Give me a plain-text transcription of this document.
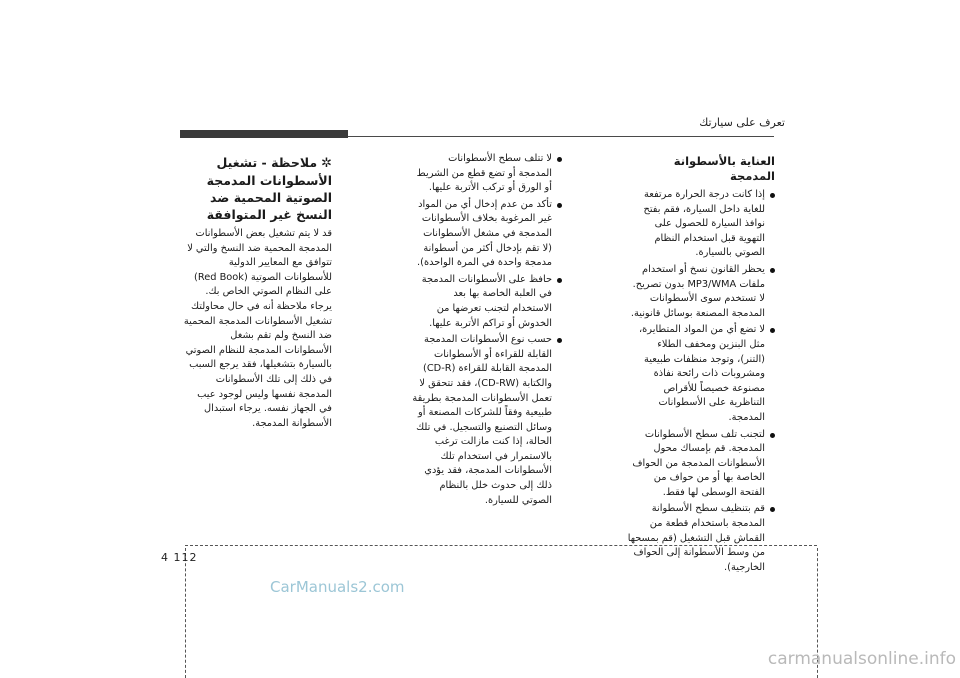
تعرف على سيارتك
العناية بالأسطوانة المدمجة
إذا كانت درجة الحرارة مرتفعة للغاية داخل السيارة، فقم بفتح نوافذ السيارة للحصول على التهوية قبل استخدام النظام الصوتي بالسيارة.
يحظر القانون نسخ أو استخدام ملفات MP3/WMA بدون تصريح. لا تستخدم سوى الأسطوانات المدمجة المصنعة بوسائل قانونية.
لا تضع أي من المواد المتطايرة، مثل البنزين ومخفف الطلاء (التنر)، وتوجد منظفات طبيعية ومشروبات ذات رائحة نفاذة مصنوعة خصيصاً للأقراص التناظرية على الأسطوانات المدمجة.
لتجنب تلف سطح الأسطوانات المدمجة. قم بإمساك محول الأسطوانات المدمجة من الحواف الخاصة بها أو من حواف من الفتحة الوسطى لها فقط.
قم بتنظيف سطح الأسطوانة المدمجة باستخدام قطعة من القماش قبل التشغيل (قم بمسحها من وسط الأسطوانة إلى الحواف الخارجية).
لا تتلف سطح الأسطوانات المدمجة أو تضع قطع من الشريط أو الورق أو تركب الأتربة عليها.
تأكد من عدم إدخال أي من المواد غير المرغوبة بخلاف الأسطوانات المدمجة في مشغل الأسطوانات (لا تقم بإدخال أكثر من أسطوانة مدمجة واحدة في المرة الواحدة).
حافظ على الأسطوانات المدمجة في العلبة الخاصة بها بعد الاستخدام لتجنب تعرضها من الخدوش أو تراكم الأتربة عليها.
حسب نوع الأسطوانات المدمجة القابلة للقراءة أو الأسطوانات المدمجة القابلة للقراءة (CD-R) والكتابة (CD-RW)، فقد تتحقق لا تعمل الأسطوانات المدمجة بطريقة طبيعية وفقاً للشركات المصنعة أو وسائل التصنيع والتسجيل. في تلك الحالة، إذا كنت مازالت ترغب بالاستمرار في استخدام تلك الأسطوانات المدمجة، فقد يؤدي ذلك إلى حدوث خلل بالنظام الصوتي للسيارة.
✲ملاحظة - تشغيل الأسطوانات المدمجة الصوتية المحمية ضد النسخ غير المتوافقة

قد لا يتم تشغيل بعض الأسطوانات المدمجة المحمية ضد النسخ والتي لا تتوافق مع المعايير الدولية للأسطوانات الصوتية (Red Book) على النظام الصوتي الخاص بك. يرجاء ملاحظة أنه في حال محاولتك تشغيل الأسطوانات المدمجة المحمية ضد النسخ ولم تقم بشغل الأسطوانات المدمجة للنظام الصوتي بالسيارة بتشغيلها، فقد يرجع السبب في ذلك إلى تلك الأسطوانات المدمجة نفسها وليس لوجود عيب في الجهاز نفسه. يرجاء استبدال الأسطوانة المدمجة.

4 112
CarManuals2.com
carmanualsonline.info
